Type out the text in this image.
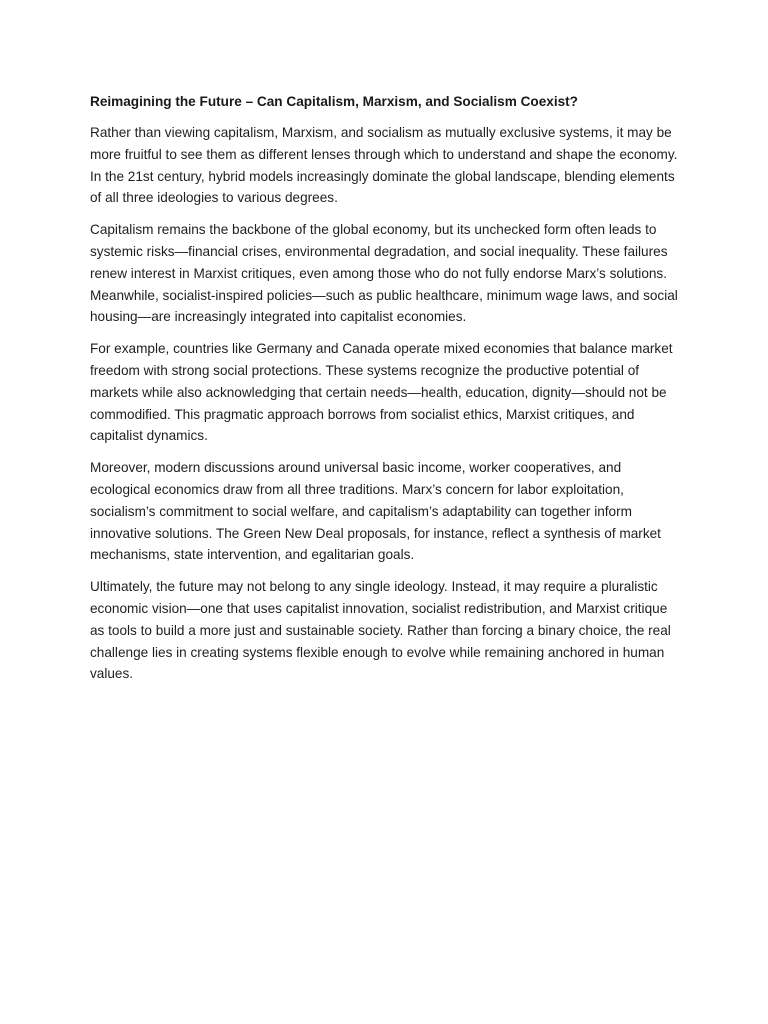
Reimagining the Future – Can Capitalism, Marxism, and Socialism Coexist?

Rather than viewing capitalism, Marxism, and socialism as mutually exclusive systems, it may be more fruitful to see them as different lenses through which to understand and shape the economy. In the 21st century, hybrid models increasingly dominate the global landscape, blending elements of all three ideologies to various degrees.

Capitalism remains the backbone of the global economy, but its unchecked form often leads to systemic risks—financial crises, environmental degradation, and social inequality. These failures renew interest in Marxist critiques, even among those who do not fully endorse Marx’s solutions. Meanwhile, socialist-inspired policies—such as public healthcare, minimum wage laws, and social housing—are increasingly integrated into capitalist economies.

For example, countries like Germany and Canada operate mixed economies that balance market freedom with strong social protections. These systems recognize the productive potential of markets while also acknowledging that certain needs—health, education, dignity—should not be commodified. This pragmatic approach borrows from socialist ethics, Marxist critiques, and capitalist dynamics.

Moreover, modern discussions around universal basic income, worker cooperatives, and ecological economics draw from all three traditions. Marx’s concern for labor exploitation, socialism’s commitment to social welfare, and capitalism’s adaptability can together inform innovative solutions. The Green New Deal proposals, for instance, reflect a synthesis of market mechanisms, state intervention, and egalitarian goals.

Ultimately, the future may not belong to any single ideology. Instead, it may require a pluralistic economic vision—one that uses capitalist innovation, socialist redistribution, and Marxist critique as tools to build a more just and sustainable society. Rather than forcing a binary choice, the real challenge lies in creating systems flexible enough to evolve while remaining anchored in human values.
